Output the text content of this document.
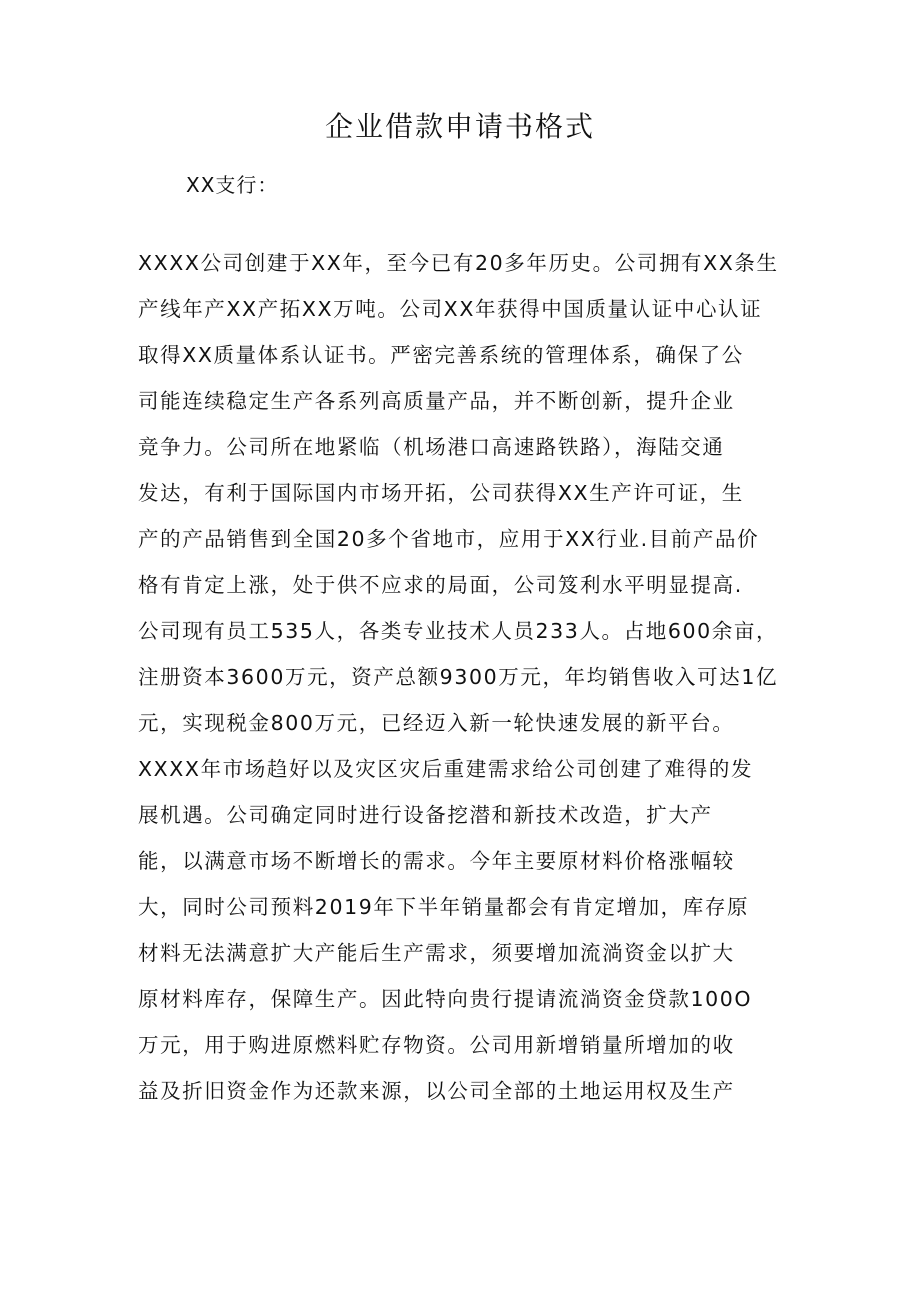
企业借款申请书格式
XX支行：
XXXX公司创建于XX年，至今已有20多年历史。公司拥有XX条生
产线年产XX产拓XX万吨。公司XX年获得中国质量认证中心认证
取得XX质量体系认证书。严密完善系统的管理体系，确保了公
司能连续稳定生产各系列高质量产品，并不断创新，提升企业
竞争力。公司所在地紧临（机场港口高速路铁路），海陆交通
发达，有利于国际国内市场开拓，公司获得XX生产许可证，生
产的产品销售到全国20多个省地市，应用于XX行业.目前产品价
格有肯定上涨，处于供不应求的局面，公司笈利水平明显提高.
公司现有员工535人，各类专业技术人员233人。占地600余亩，
注册资本3600万元，资产总额9300万元，年均销售收入可达1亿
元，实现税金800万元，已经迈入新一轮快速发展的新平台。
XXXX年市场趋好以及灾区灾后重建需求给公司创建了难得的发
展机遇。公司确定同时进行设备挖潜和新技术改造，扩大产
能，以满意市场不断增长的需求。今年主要原材料价格涨幅较
大，同时公司预料2019年下半年销量都会有肯定增加，库存原
材料无法满意扩大产能后生产需求，须要增加流淌资金以扩大
原材料库存，保障生产。因此特向贵行提请流淌资金贷款100O
万元，用于购进原燃料贮存物资。公司用新增销量所增加的收
益及折旧资金作为还款来源，以公司全部的土地运用权及生产
